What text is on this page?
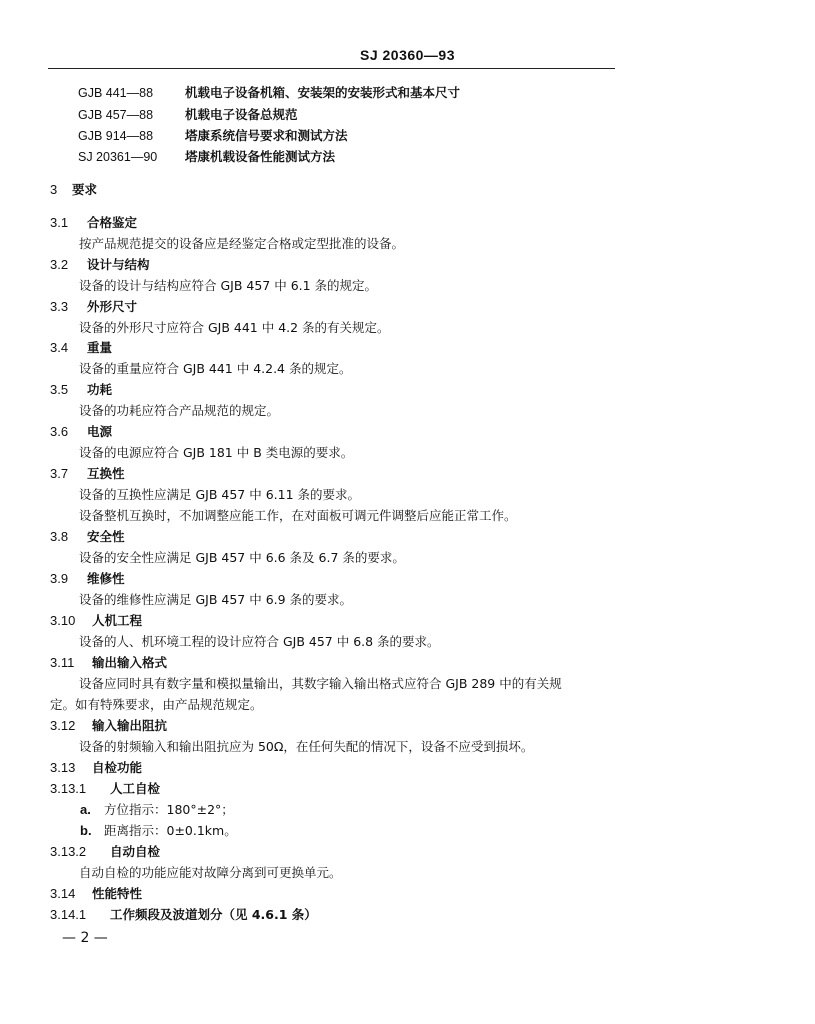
SJ 20360—93
GJB 441—88	机载电子设备机箱、安装架的安装形式和基本尺寸
GJB 457—88	机载电子设备总规范
GJB 914—88	塔康系统信号要求和测试方法
SJ 20361—90 塔康机载设备性能测试方法
3 要求
3.1 合格鉴定
按产品规范提交的设备应是经鉴定合格或定型批准的设备。
3.2 设计与结构
设备的设计与结构应符合 GJB 457 中 6.1 条的规定。
3.3 外形尺寸
设备的外形尺寸应符合 GJB 441 中 4.2 条的有关规定。
3.4 重量
设备的重量应符合 GJB 441 中 4.2.4 条的规定。
3.5 功耗
设备的功耗应符合产品规范的规定。
3.6 电源
设备的电源应符合 GJB 181 中 B 类电源的要求。
3.7 互换性
设备的互换性应满足 GJB 457 中 6.11 条的要求。
设备整机互换时，不加调整应能工作，在对面板可调元件调整后应能正常工作。
3.8 安全性
设备的安全性应满足 GJB 457 中 6.6 条及 6.7 条的要求。
3.9 维修性
设备的维修性应满足 GJB 457 中 6.9 条的要求。
3.10 人机工程
设备的人、机环境工程的设计应符合 GJB 457 中 6.8 条的要求。
3.11 输出输入格式
设备应同时具有数字量和模拟量输出，其数字输入输出格式应符合 GJB 289 中的有关规
定。如有特殊要求，由产品规范规定。
3.12 输入输出阻抗
设备的射频输入和输出阻抗应为 50Ω，在任何失配的情况下，设备不应受到损坏。
3.13 自检功能
3.13.1 人工自检
a. 方位指示：180°±2°；
b. 距离指示：0±0.1km。
3.13.2 自动自检
自动自检的功能应能对故障分离到可更换单元。
3.14 性能特性
3.14.1 工作频段及波道划分（见 4.6.1 条）
— 2 —
